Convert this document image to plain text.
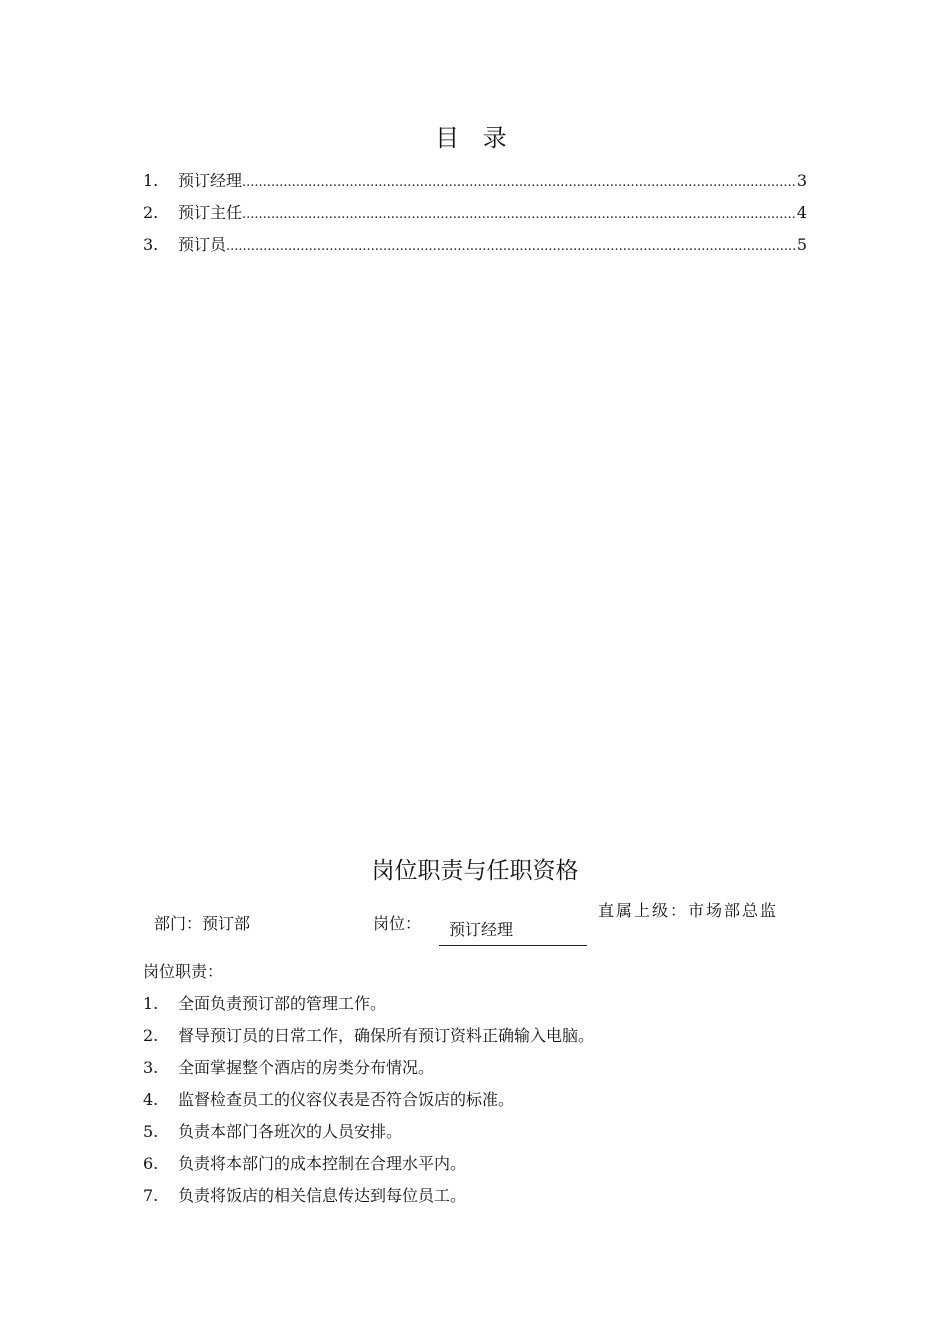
目 录
1.	预订经理 .....	3
2.	预订主任 .....	4
3.	预订员 .....	5
岗位职责与任职资格
部门：预订部	岗位：	预订经理
直属上级：市场部总监
岗位职责：
1.	全面负责预订部的管理工作。
2.	督导预订员的日常工作，确保所有预订资料正确输入电脑。
3.	全面掌握整个酒店的房类分布情况。
4.	监督检查员工的仪容仪表是否符合饭店的标准。
5.	负责本部门各班次的人员安排。
6.	负责将本部门的成本控制在合理水平内。
7.	负责将饭店的相关信息传达到每位员工。
